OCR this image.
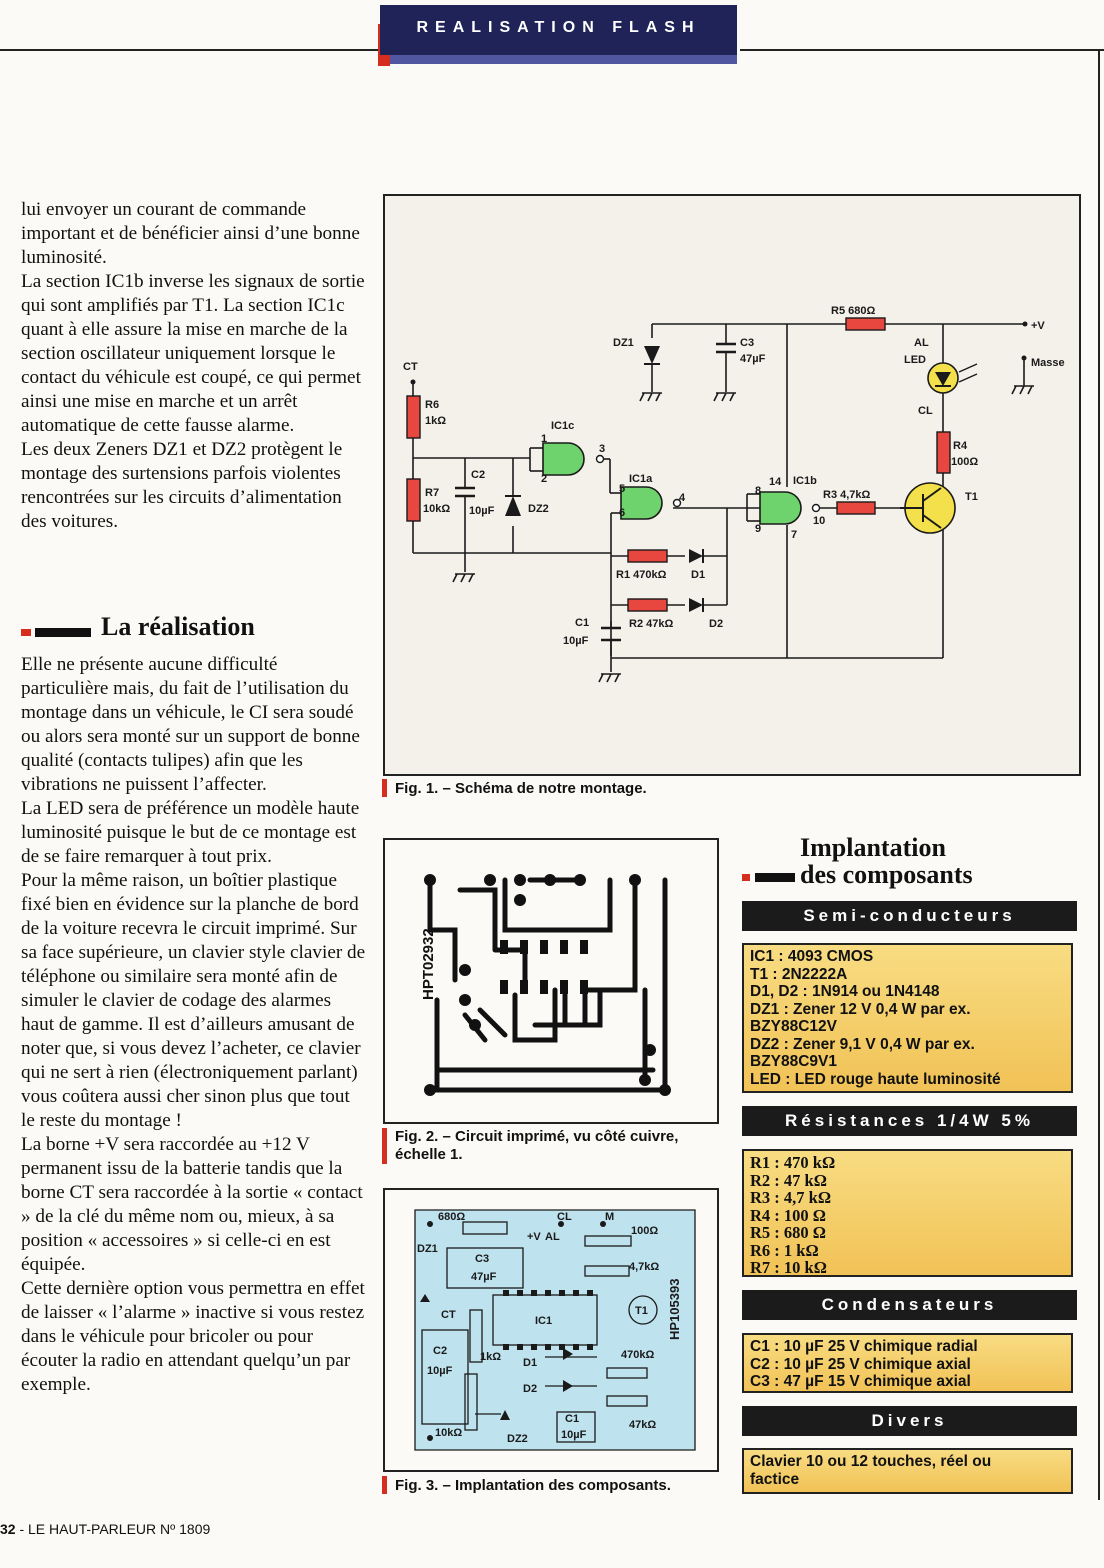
REALISATION FLASH

lui envoyer un courant de commande important et de bénéficier ainsi d’une bonne luminosité.

La section IC1b inverse les signaux de sortie qui sont amplifiés par T1. La section IC1c quant à elle assure la mise en marche de la section oscillateur uniquement lorsque le contact du véhicule est coupé, ce qui permet ainsi une mise en marche et un arrêt automatique de cette fausse alarme.

Les deux Zeners DZ1 et DZ2 protègent le montage des surtensions parfois violentes rencontrées sur les circuits d’alimentation des voitures.

La réalisation

Elle ne présente aucune difficulté particulière mais, du fait de l’utilisation du montage dans un véhicule, le CI sera soudé ou alors sera monté sur un support de bonne qualité (contacts tulipes) afin que les vibrations ne puissent l’affecter.

La LED sera de préférence un modèle haute luminosité puisque le but de ce montage est de se faire remarquer à tout prix.

Pour la même raison, un boîtier plastique fixé bien en évidence sur la planche de bord de la voiture recevra le circuit imprimé. Sur sa face supérieure, un clavier style clavier de téléphone ou similaire sera monté afin de simuler le clavier de codage des alarmes haut de gamme. Il est d’ailleurs amusant de noter que, si vous devez l’acheter, ce clavier qui ne sert à rien (électroniquement parlant) vous coûtera aussi cher sinon plus que tout le reste du montage !

La borne +V sera raccordée au +12 V permanent issu de la batterie tandis que la borne CT sera raccordée à la sortie « contact » de la clé du même nom ou, mieux, à sa position « accessoires » si celle-ci en est équipée.

Cette dernière option vous permettra en effet de laisser « l’alarme » inactive si vous restez dans le véhicule pour bricoler ou pour écouter la radio en attendant quelqu’un par exemple.

CT
R6
1kΩ
R7
10kΩ
C2
10µF	DZ2
IC1c
IC1a	IC1b
DZ1	C3
47µF
R5 680Ω
+V
AL
LED	Masse
CL
R4
100Ω
R3 4,7kΩ	T1
R1 470kΩ D1
R2 47kΩ	D2
C1
10µF
1
2
3
4
5
6
7
8
9
10
14
Fig. 1. – Schéma de notre montage.
HPT02932
Fig. 2. – Circuit imprimé, vu côté cuivre, échelle 1.
680Ω	CL	M
+V AL	100Ω
DZ1
C3
47µF
4,7kΩ
CT	IC1
T1
C2
10µF
1kΩ D1
D2
470kΩ
10kΩ	DZ2
C1
10µF
47kΩ
HP105393
Fig. 3. – Implantation des composants.
Implantation
des composants
Semi-conducteurs
IC1 : 4093 CMOS
T1 : 2N2222A
D1, D2 : 1N914 ou 1N4148
DZ1 : Zener 12 V 0,4 W par ex.
BZY88C12V
DZ2 : Zener 9,1 V 0,4 W par ex.
BZY88C9V1
LED : LED rouge haute luminosité
Résistances 1/4W 5%
R1 : 470 kΩ
R2 : 47 kΩ
R3 : 4,7 kΩ
R4 : 100 Ω
R5 : 680 Ω
R6 : 1 kΩ
R7 : 10 kΩ
Condensateurs
C1 : 10 µF 25 V chimique radial
C2 : 10 µF 25 V chimique axial
C3 : 47 µF 15 V chimique axial
Divers
Clavier 10 ou 12 touches, réel ou
factice
32 - LE HAUT-PARLEUR Nº 1809
